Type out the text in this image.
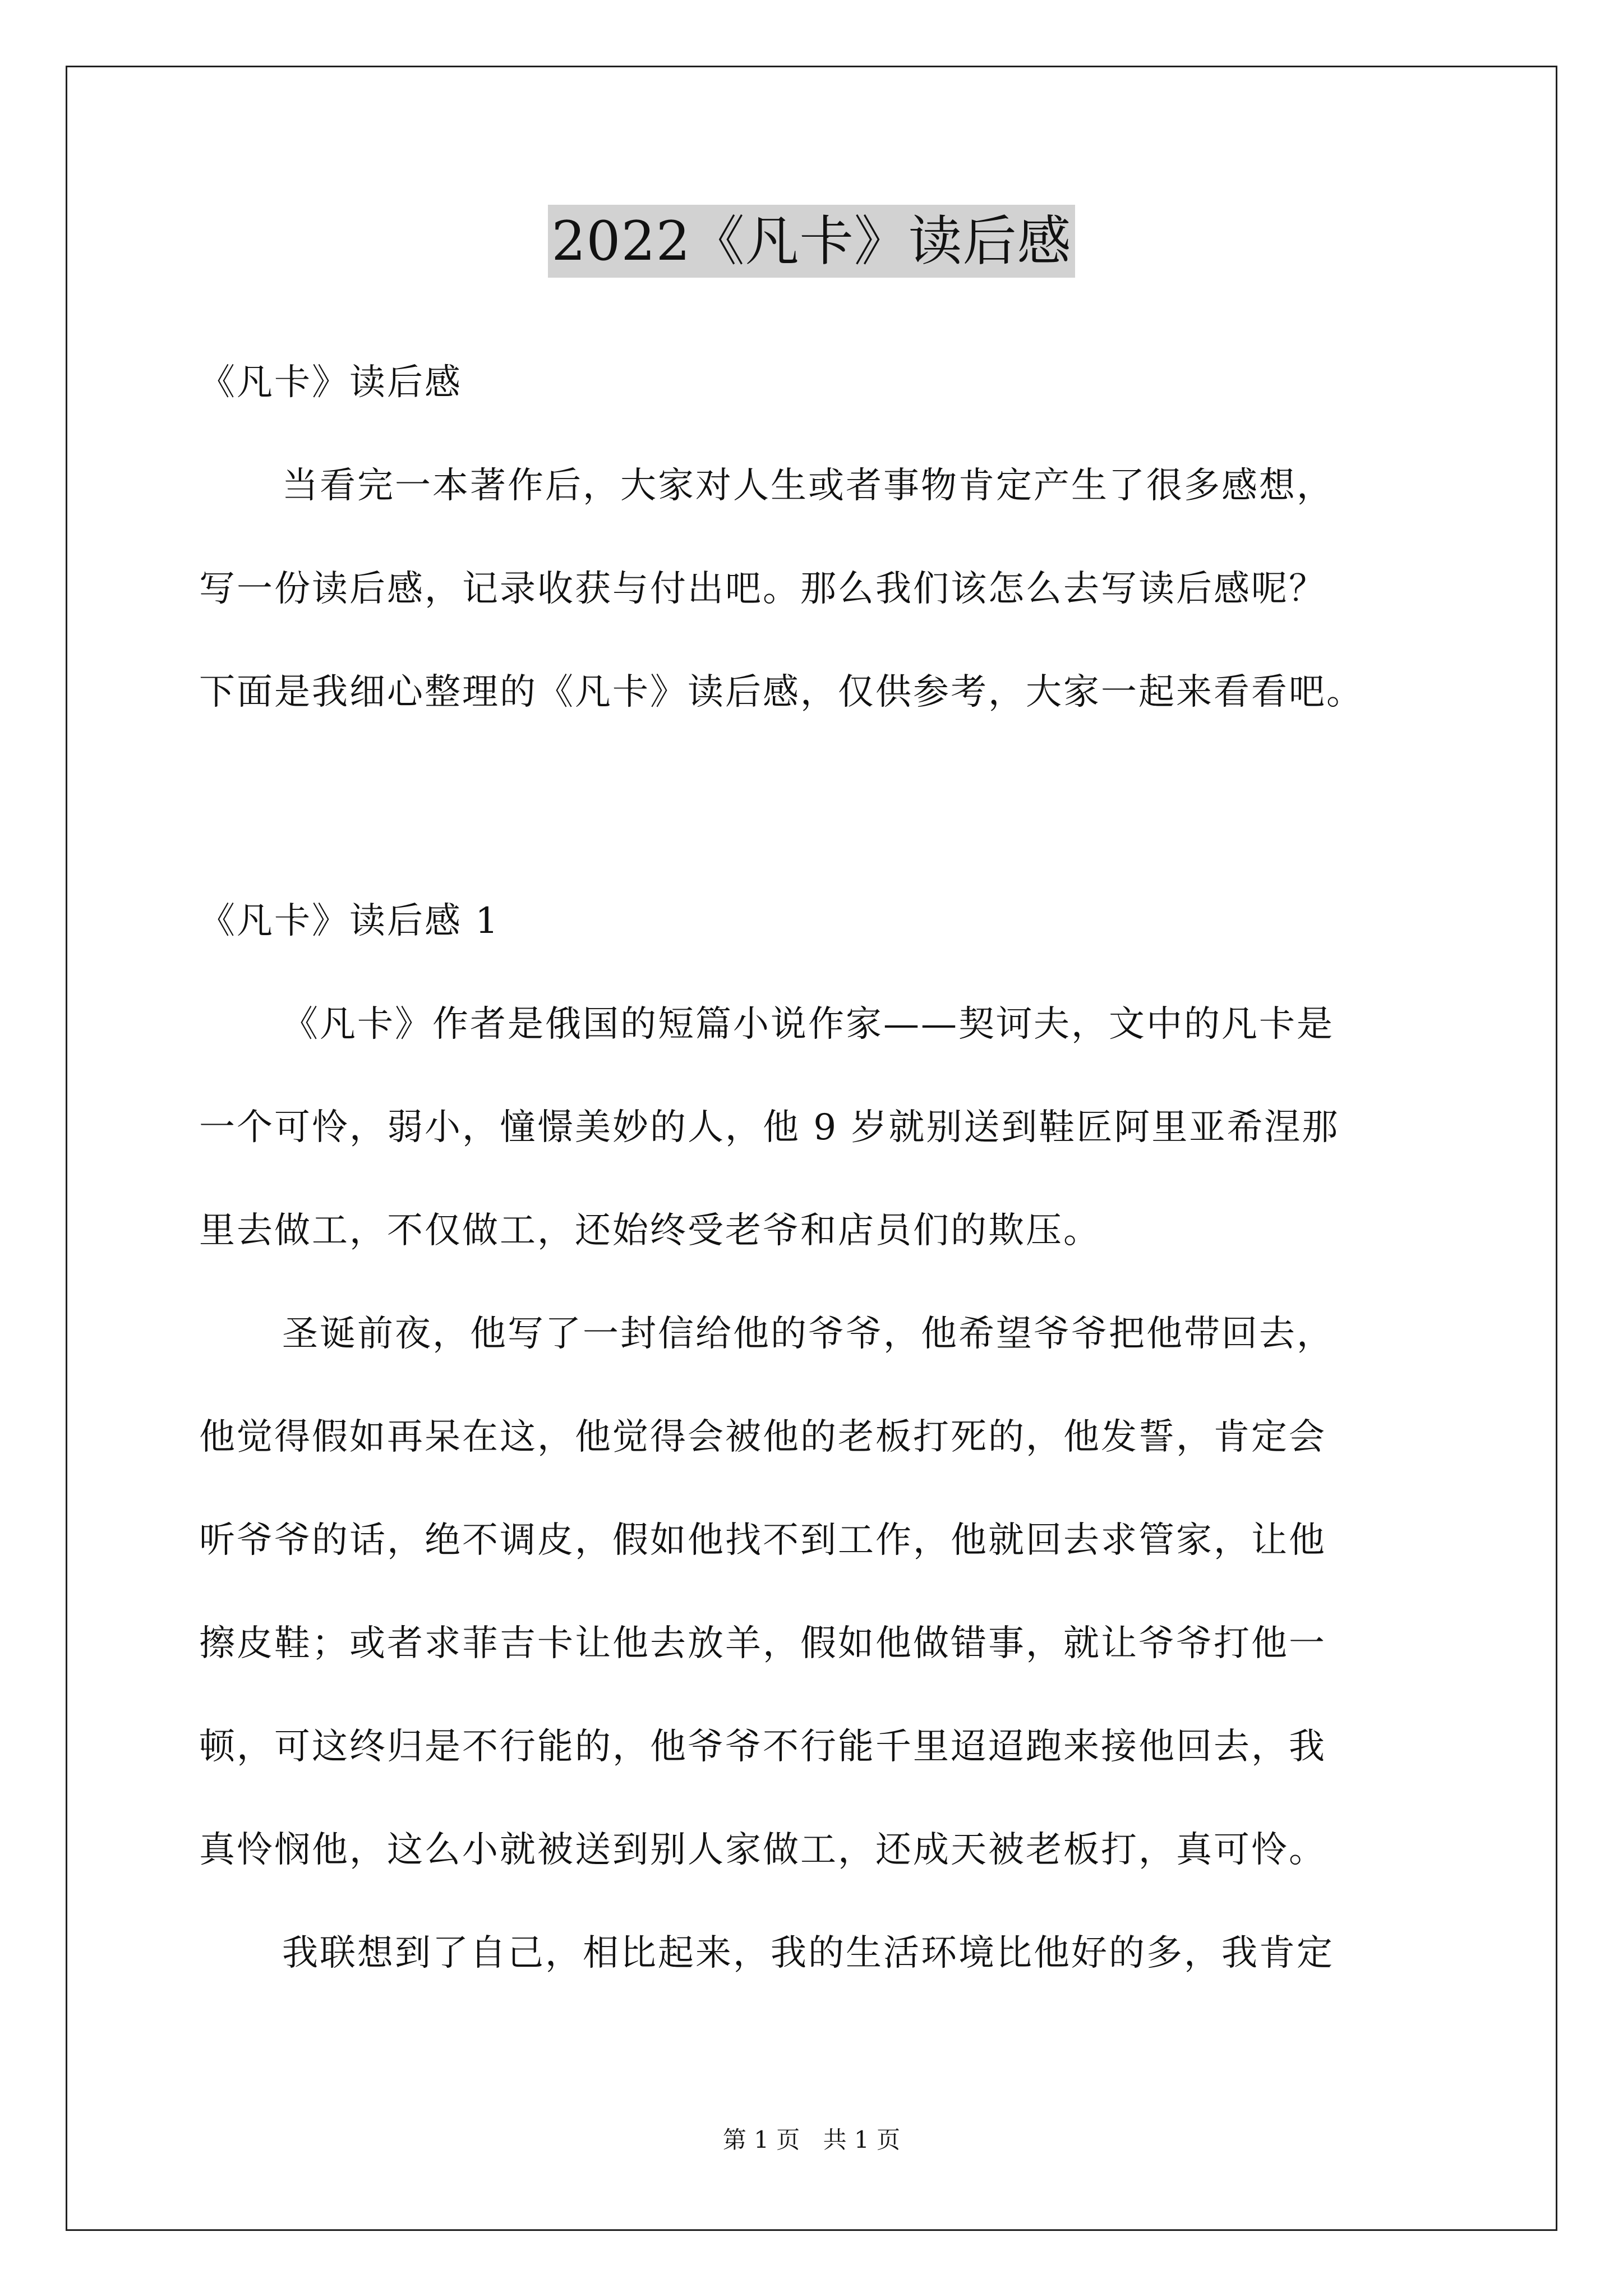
2022《凡卡》读后感
《凡卡》读后感
当看完一本著作后，大家对人生或者事物肯定产生了很多感想，
写一份读后感，记录收获与付出吧。那么我们该怎么去写读后感呢？
下面是我细心整理的《凡卡》读后感，仅供参考，大家一起来看看吧。
《凡卡》读后感 1
《凡卡》作者是俄国的短篇小说作家——契诃夫，文中的凡卡是
一个可怜，弱小，憧憬美妙的人，他 9 岁就别送到鞋匠阿里亚希涅那
里去做工，不仅做工，还始终受老爷和店员们的欺压。
圣诞前夜，他写了一封信给他的爷爷，他希望爷爷把他带回去，
他觉得假如再呆在这，他觉得会被他的老板打死的，他发誓，肯定会
听爷爷的话，绝不调皮，假如他找不到工作，他就回去求管家，让他
擦皮鞋；或者求菲吉卡让他去放羊，假如他做错事，就让爷爷打他一
顿，可这终归是不行能的，他爷爷不行能千里迢迢跑来接他回去，我
真怜悯他，这么小就被送到别人家做工，还成天被老板打，真可怜。
我联想到了自己，相比起来，我的生活环境比他好的多，我肯定
第 1 页 共 1 页
